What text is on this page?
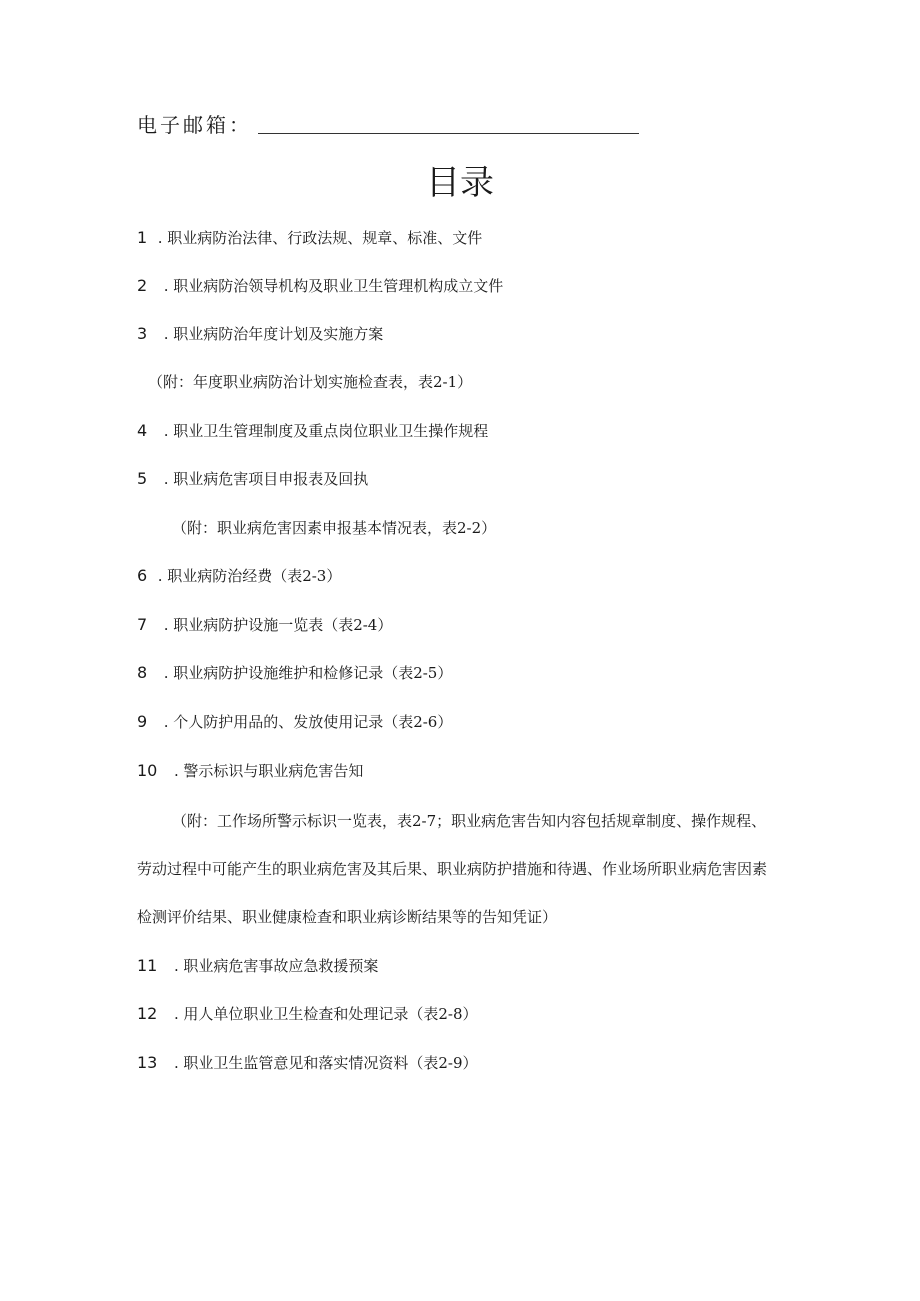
电子邮箱：
目录
1 . 职业病防治法律、行政法规、规章、标准、文件
2 . 职业病防治领导机构及职业卫生管理机构成立文件
3 . 职业病防治年度计划及实施方案
（附：年度职业病防治计划实施检查表，表2-1）
4 . 职业卫生管理制度及重点岗位职业卫生操作规程
5 . 职业病危害项目申报表及回执
（附：职业病危害因素申报基本情况表，表2-2）
6 . 职业病防治经费（表2-3）
7 . 职业病防护设施一览表（表2-4）
8 . 职业病防护设施维护和检修记录（表2-5）
9 . 个人防护用品的、发放使用记录（表2-6）
10 . 警示标识与职业病危害告知
（附：工作场所警示标识一览表，表2-7；职业病危害告知内容包括规章制度、操作规程、
劳动过程中可能产生的职业病危害及其后果、职业病防护措施和待遇、作业场所职业病危害因素
检测评价结果、职业健康检查和职业病诊断结果等的告知凭证）
11 . 职业病危害事故应急救援预案
12 . 用人单位职业卫生检查和处理记录（表2-8）
13 . 职业卫生监管意见和落实情况资料（表2-9）
